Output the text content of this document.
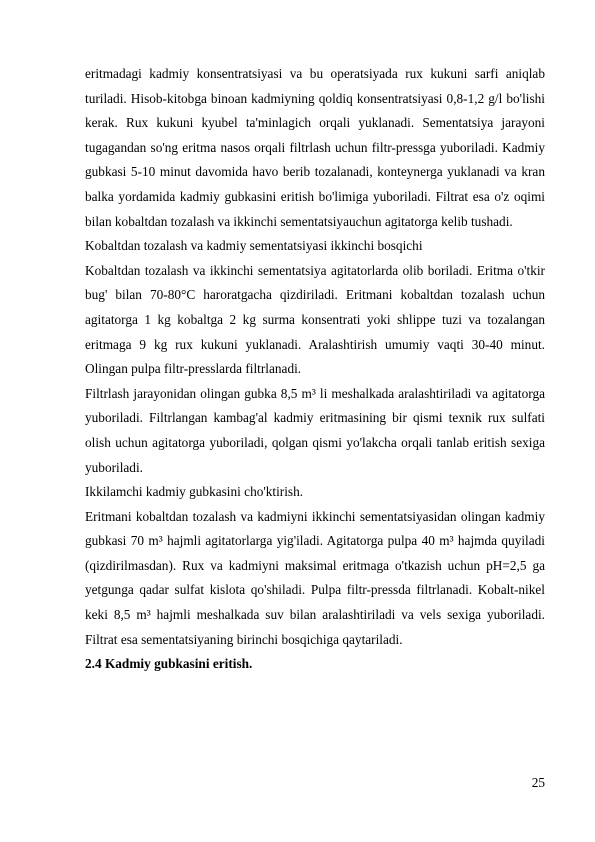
eritmadagi kadmiy konsentratsiyasi va bu operatsiyada rux kukuni sarfi aniqlab turiladi. Hisob-kitobga binoan kadmiyning qoldiq konsentratsiyasi 0,8-1,2 g/l bo'lishi kerak. Rux kukuni kyubel ta'minlagich orqali yuklanadi. Sementatsiya jarayoni tugagandan so'ng eritma nasos orqali filtrlash uchun filtr-pressga yuboriladi. Kadmiy gubkasi 5-10 minut davomida havo berib tozalanadi, konteynerga yuklanadi va kran balka yordamida kadmiy gubkasini eritish bo'limiga yuboriladi. Filtrat esa o'z oqimi bilan kobaltdan tozalash va ikkinchi sementatsiyauchun agitatorga kelib tushadi.

Kobaltdan tozalash va kadmiy sementatsiyasi ikkinchi bosqichi

Kobaltdan tozalash va ikkinchi sementatsiya agitatorlarda olib boriladi. Eritma o'tkir bug' bilan 70-80°C haroratgacha qizdiriladi. Eritmani kobaltdan tozalash uchun agitatorga 1 kg kobaltga 2 kg surma konsentrati yoki shlippe tuzi va tozalangan eritmaga 9 kg rux kukuni yuklanadi. Aralashtirish umumiy vaqti 30-40 minut. Olingan pulpa filtr-presslarda filtrlanadi.

Filtrlash jarayonidan olingan gubka 8,5 m³ li meshalkada aralashtiriladi va agitatorga yuboriladi. Filtrlangan kambag'al kadmiy eritmasining bir qismi texnik rux sulfati olish uchun agitatorga yuboriladi, qolgan qismi yo'lakcha orqali tanlab eritish sexiga yuboriladi.

Ikkilamchi kadmiy gubkasini cho'ktirish.

Eritmani kobaltdan tozalash va kadmiyni ikkinchi sementatsiyasidan olingan kadmiy gubkasi 70 m³ hajmli agitatorlarga yig'iladi. Agitatorga pulpa 40 m³ hajmda quyiladi (qizdirilmasdan). Rux va kadmiyni maksimal eritmaga o'tkazish uchun pH=2,5 ga yetgunga qadar sulfat kislota qo'shiladi. Pulpa filtr-pressda filtrlanadi. Kobalt-nikel keki 8,5 m³ hajmli meshalkada suv bilan aralashtiriladi va vels sexiga yuboriladi. Filtrat esa sementatsiyaning birinchi bosqichiga qaytariladi.

2.4 Kadmiy gubkasini eritish.

25
